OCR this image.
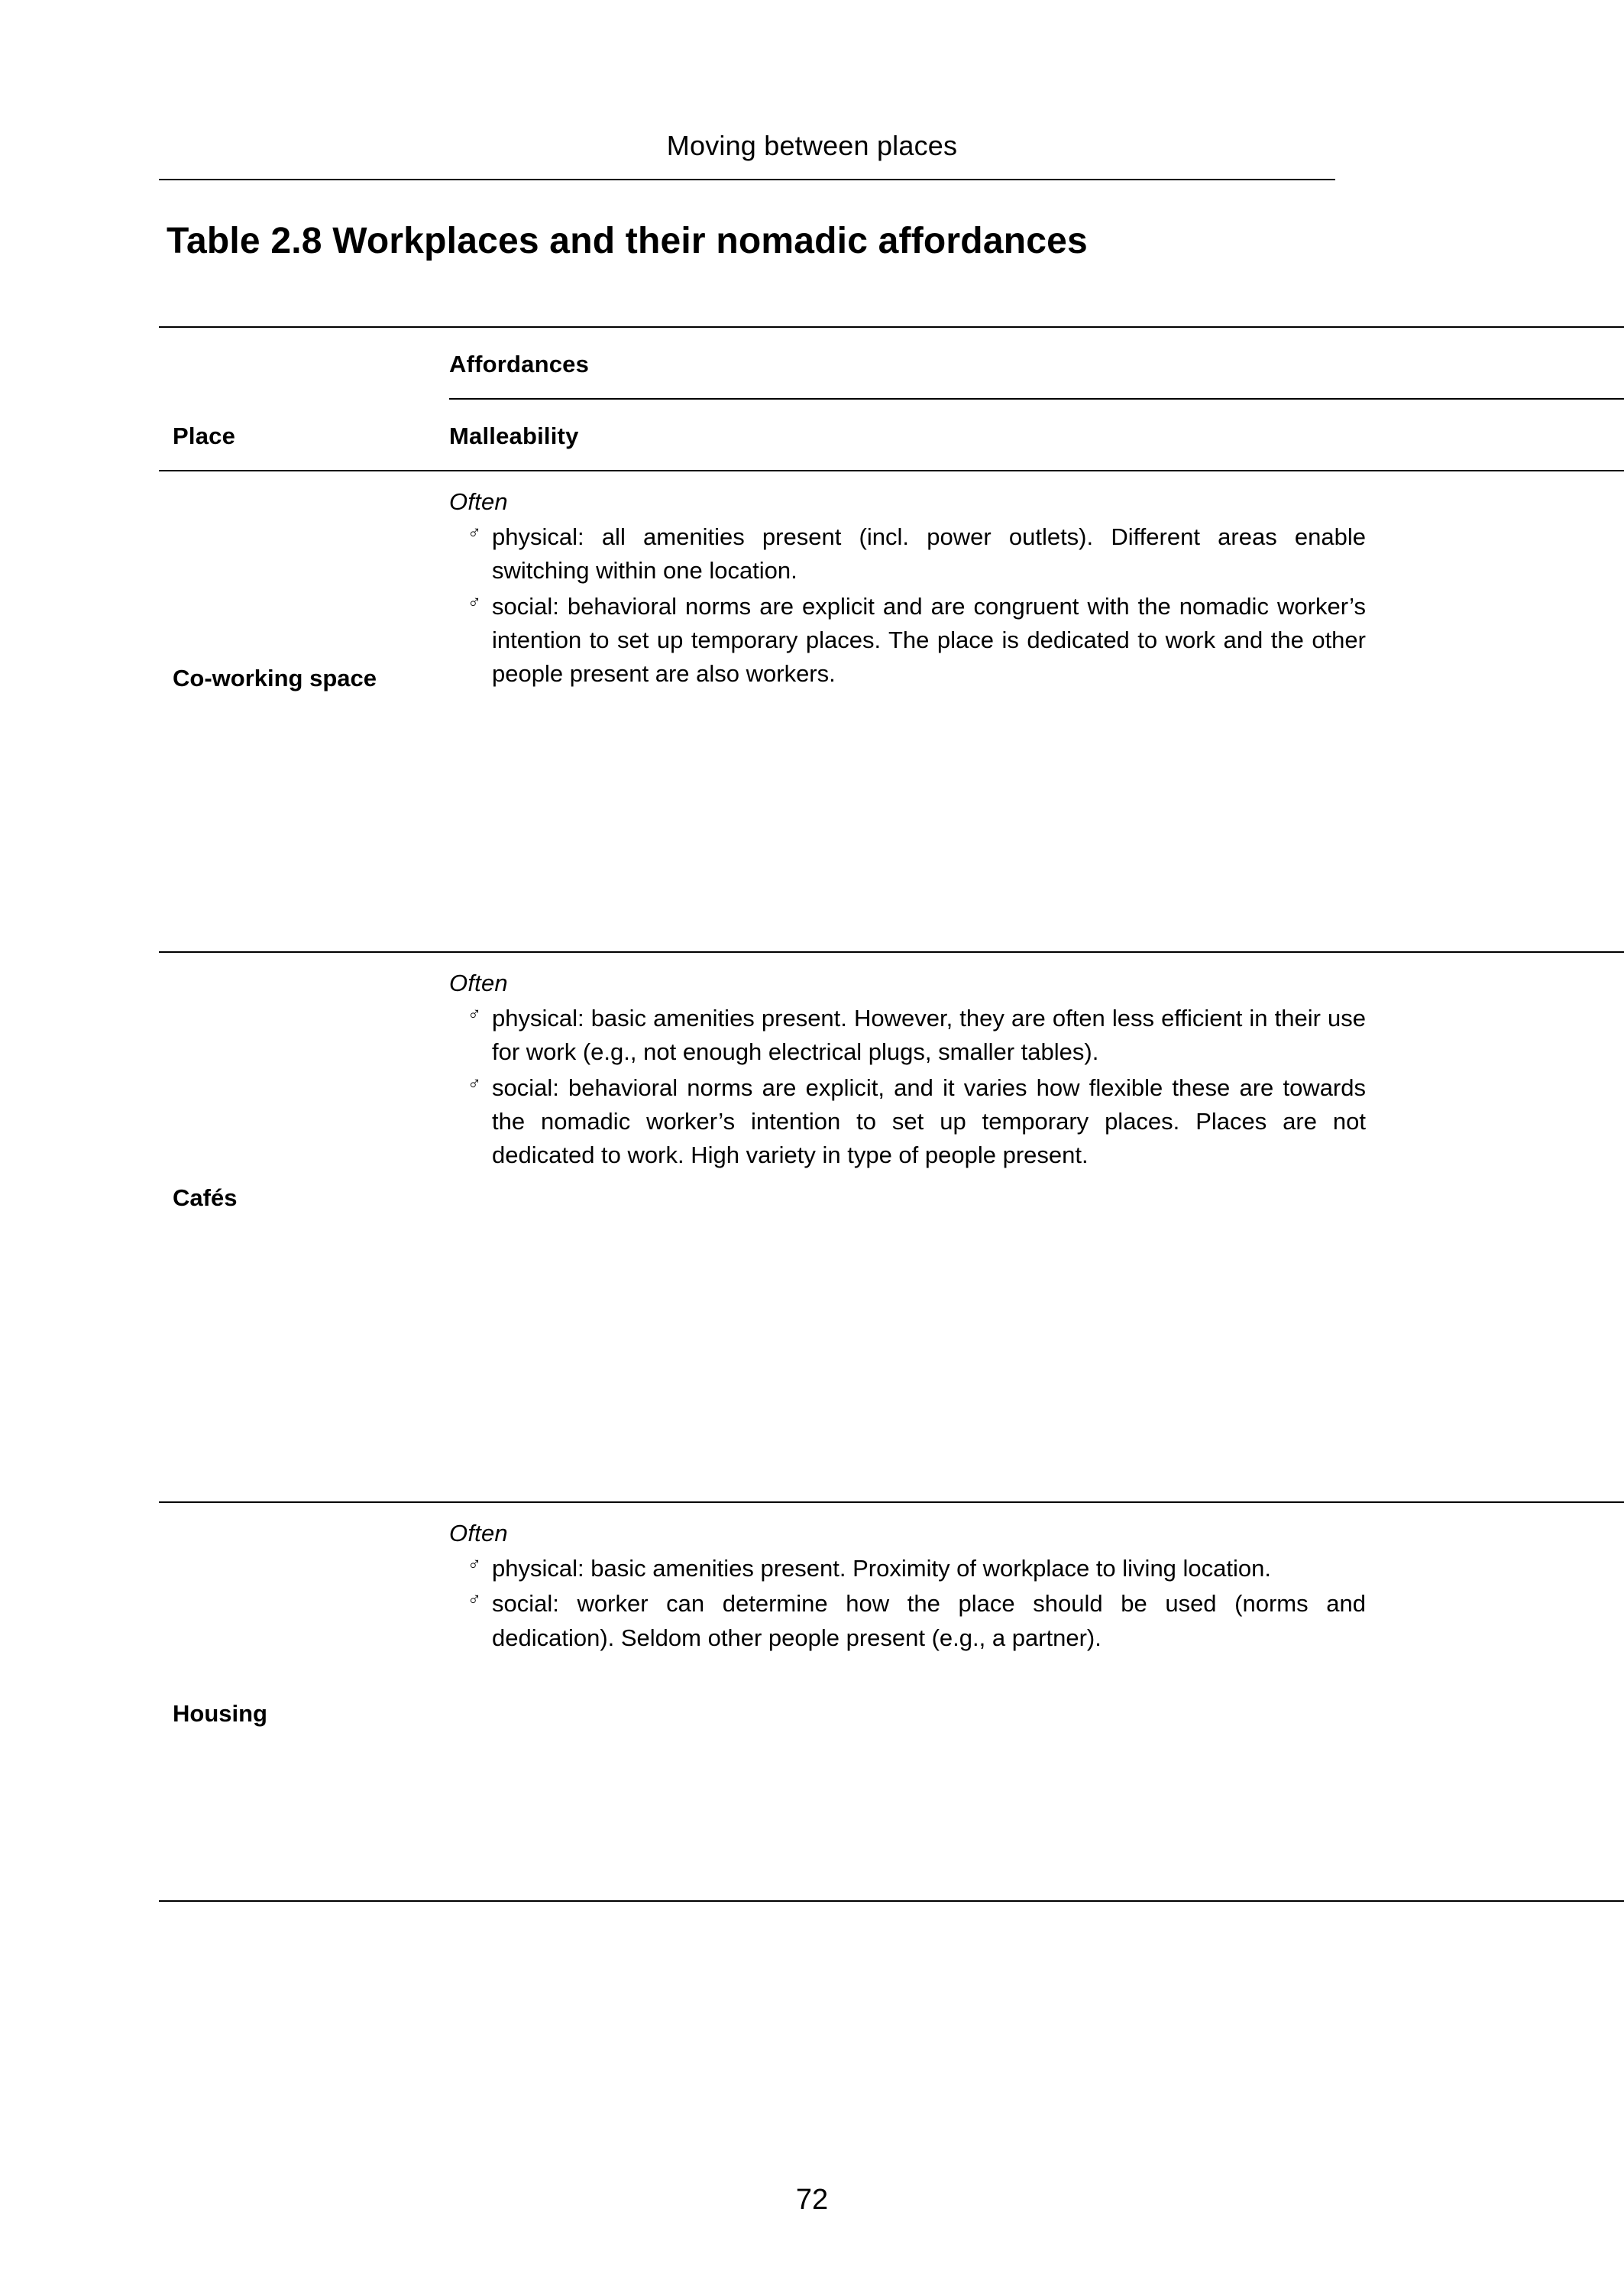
Moving between places
Table 2.8 Workplaces and their nomadic affordances
Affordances
Place	Malleability
Co-working space
Often
♂ physical: all amenities present (incl. power outlets). Different areas enable switching within one location.
♂ social: behavioral norms are explicit and are congruent with the nomadic worker’s intention to set up temporary places. The place is dedicated to work and the other people present are also workers.
Cafés
Often
♂ physical: basic amenities present. However, they are often less efficient in their use for work (e.g., not enough electrical plugs, smaller tables).
♂ social: behavioral norms are explicit, and it varies how flexible these are towards the nomadic worker’s intention to set up temporary places. Places are not dedicated to work. High variety in type of people present.
Housing
Often
♂ physical: basic amenities present. Proximity of workplace to living location.
♂ social: worker can determine how the place should be used (norms and dedication). Seldom other people present (e.g., a partner).
72
